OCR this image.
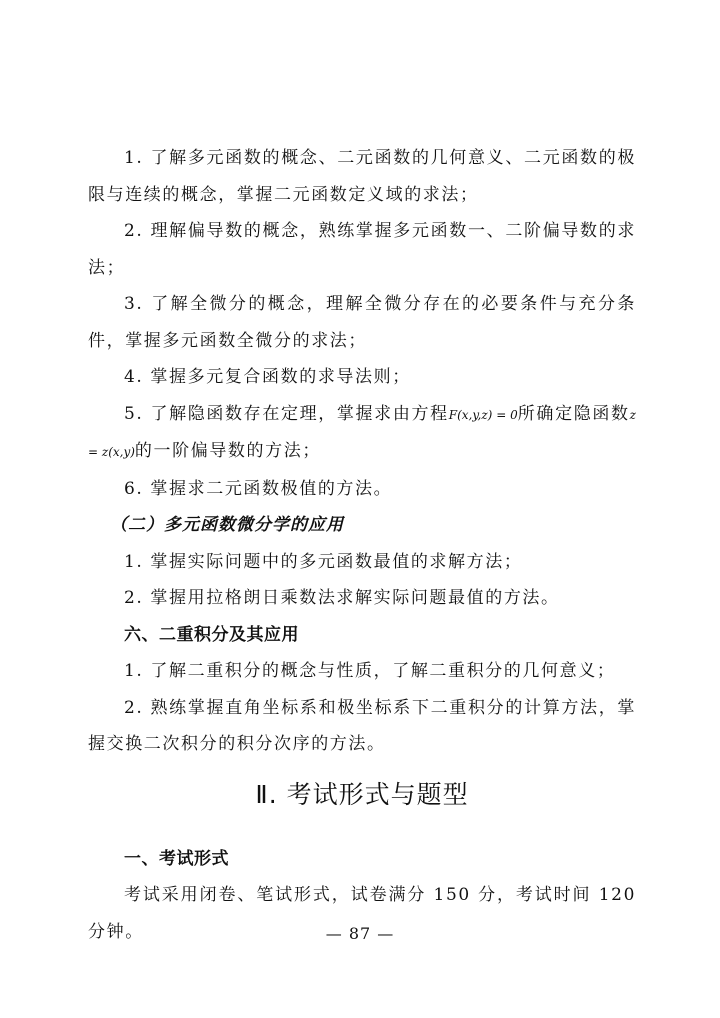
1. 了解多元函数的概念、二元函数的几何意义、二元函数的极限与连续的概念，掌握二元函数定义域的求法；

2. 理解偏导数的概念，熟练掌握多元函数一、二阶偏导数的求法；

3. 了解全微分的概念，理解全微分存在的必要条件与充分条件，掌握多元函数全微分的求法；

4. 掌握多元复合函数的求导法则；

5. 了解隐函数存在定理，掌握求由方程F(x,y,z) = 0所确定隐函数z = z(x,y)的一阶偏导数的方法；

6. 掌握求二元函数极值的方法。

（二）多元函数微分学的应用

1. 掌握实际问题中的多元函数最值的求解方法；

2. 掌握用拉格朗日乘数法求解实际问题最值的方法。

六、二重积分及其应用

1. 了解二重积分的概念与性质，了解二重积分的几何意义；

2. 熟练掌握直角坐标系和极坐标系下二重积分的计算方法，掌握交换二次积分的积分次序的方法。

Ⅱ. 考试形式与题型

一、考试形式

考试采用闭卷、笔试形式，试卷满分 150 分，考试时间 120 分钟。	— 87 —
